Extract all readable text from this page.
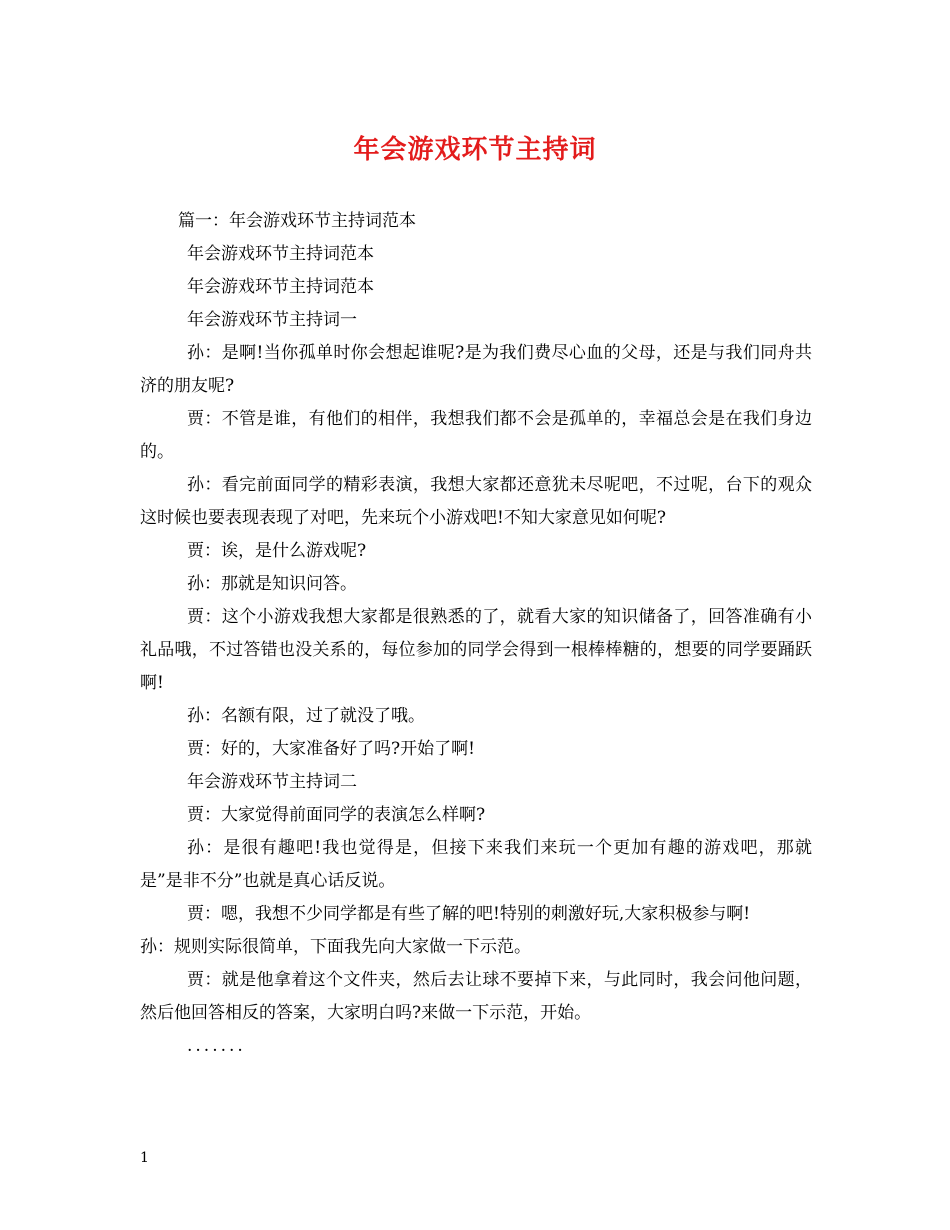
年会游戏环节主持词

篇一：年会游戏环节主持词范本

年会游戏环节主持词范本

年会游戏环节主持词范本

年会游戏环节主持词一

孙：是啊!当你孤单时你会想起谁呢?是为我们费尽心血的父母，还是与我们同舟共济的朋友呢?

贾：不管是谁，有他们的相伴，我想我们都不会是孤单的，幸福总会是在我们身边的。

孙：看完前面同学的精彩表演，我想大家都还意犹未尽呢吧，不过呢，台下的观众这时候也要表现表现了对吧，先来玩个小游戏吧!不知大家意见如何呢?

贾：诶，是什么游戏呢?

孙：那就是知识问答。

贾：这个小游戏我想大家都是很熟悉的了，就看大家的知识储备了，回答准确有小礼品哦，不过答错也没关系的，每位参加的同学会得到一根棒棒糖的，想要的同学要踊跃啊!

孙：名额有限，过了就没了哦。

贾：好的，大家准备好了吗?开始了啊!

年会游戏环节主持词二

贾：大家觉得前面同学的表演怎么样啊?

孙：是很有趣吧!我也觉得是，但接下来我们来玩一个更加有趣的游戏吧，那就是”是非不分”也就是真心话反说。

贾：嗯，我想不少同学都是有些了解的吧!特别的刺激好玩,大家积极参与啊!

孙：规则实际很简单，下面我先向大家做一下示范。

贾：就是他拿着这个文件夹，然后去让球不要掉下来，与此同时，我会问他问题，然后他回答相反的答案，大家明白吗?来做一下示范，开始。

.......

1
